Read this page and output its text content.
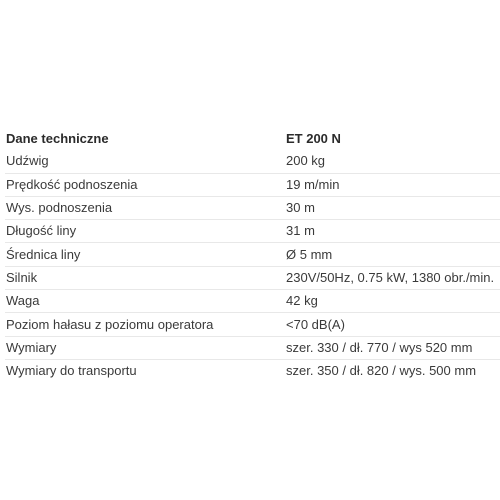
Dane techniczne	ET 200 N
Udźwig	200 kg
Prędkość podnoszenia	19 m/min
Wys. podnoszenia	30 m
Długość liny	31 m
Średnica liny	Ø 5 mm
Silnik	230V/50Hz, 0.75 kW, 1380 obr./min.
Waga	42 kg
Poziom hałasu z poziomu operatora	<70 dB(A)
Wymiary	szer. 330 / dł. 770 / wys 520 mm
Wymiary do transportu	szer. 350 / dł. 820 / wys. 500 mm
